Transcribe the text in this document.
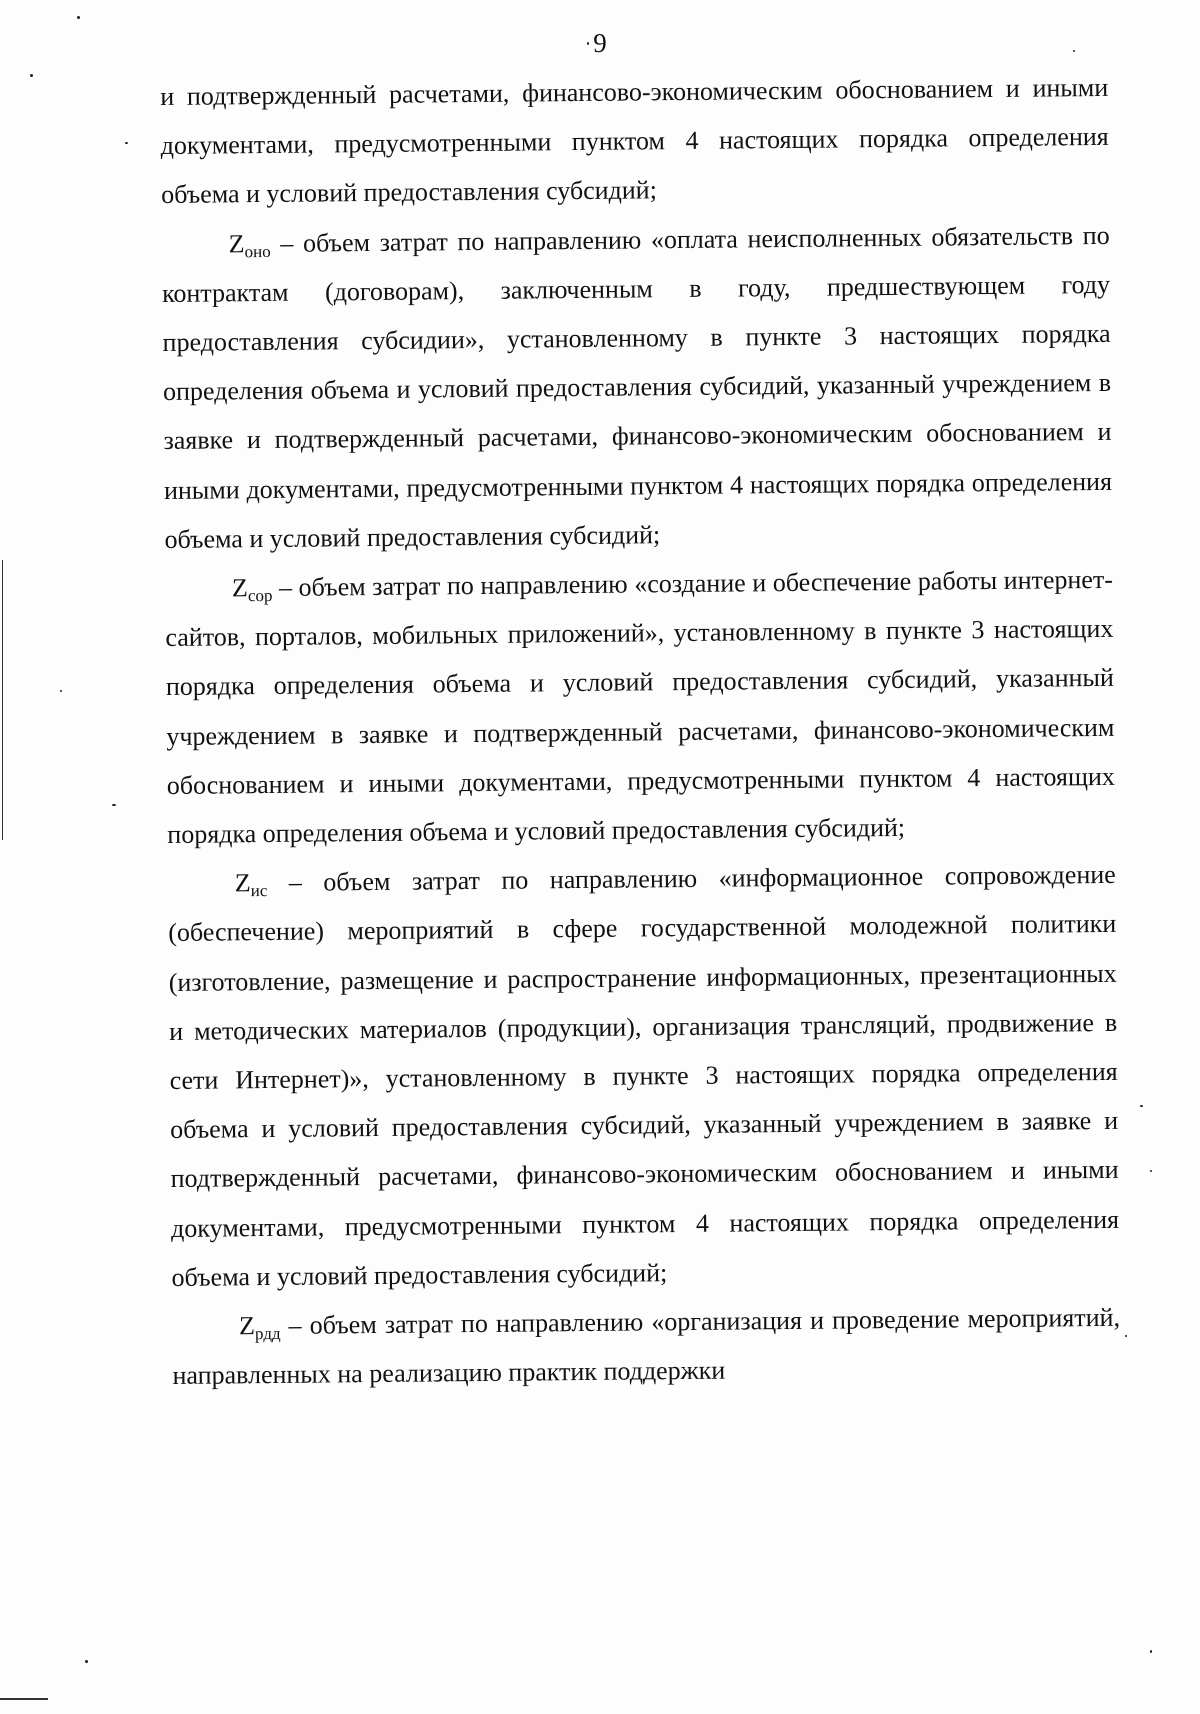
9

и подтвержденный расчетами, финансово-экономическим обоснованием и иными документами, предусмотренными пунктом 4 настоящих порядка определения объема и условий предоставления субсидий;

$Z_{оно}$ – объем затрат по направлению «оплата неисполненных обязательств по контрактам (договорам), заключенным в году, предшествующем году предоставления субсидии», установленному в пункте 3 настоящих порядка определения объема и условий предоставления субсидий, указанный учреждением в заявке и подтвержденный расчетами, финансово-экономическим обоснованием и иными документами, предусмотренными пунктом 4 настоящих порядка определения объема и условий предоставления субсидий;

$Z_{сор}$ – объем затрат по направлению «создание и обеспечение работы интернет-сайтов, порталов, мобильных приложений», установленному в пункте 3 настоящих порядка определения объема и условий предоставления субсидий, указанный учреждением в заявке и подтвержденный расчетами, финансово-экономическим обоснованием и иными документами, предусмотренными пунктом 4 настоящих порядка определения объема и условий предоставления субсидий;

$Z_{ис}$ – объем затрат по направлению «информационное сопровождение (обеспечение) мероприятий в сфере государственной молодежной политики (изготовление, размещение и распространение информационных, презентационных и методических материалов (продукции), организация трансляций, продвижение в сети Интернет)», установленному в пункте 3 настоящих порядка определения объема и условий предоставления субсидий, указанный учреждением в заявке и подтвержденный расчетами, финансово-экономическим обоснованием и иными документами, предусмотренными пунктом 4 настоящих порядка определения объема и условий предоставления субсидий;

$Z_{рдд}$ – объем затрат по направлению «организация и проведение мероприятий, направленных на реализацию практик поддержки
